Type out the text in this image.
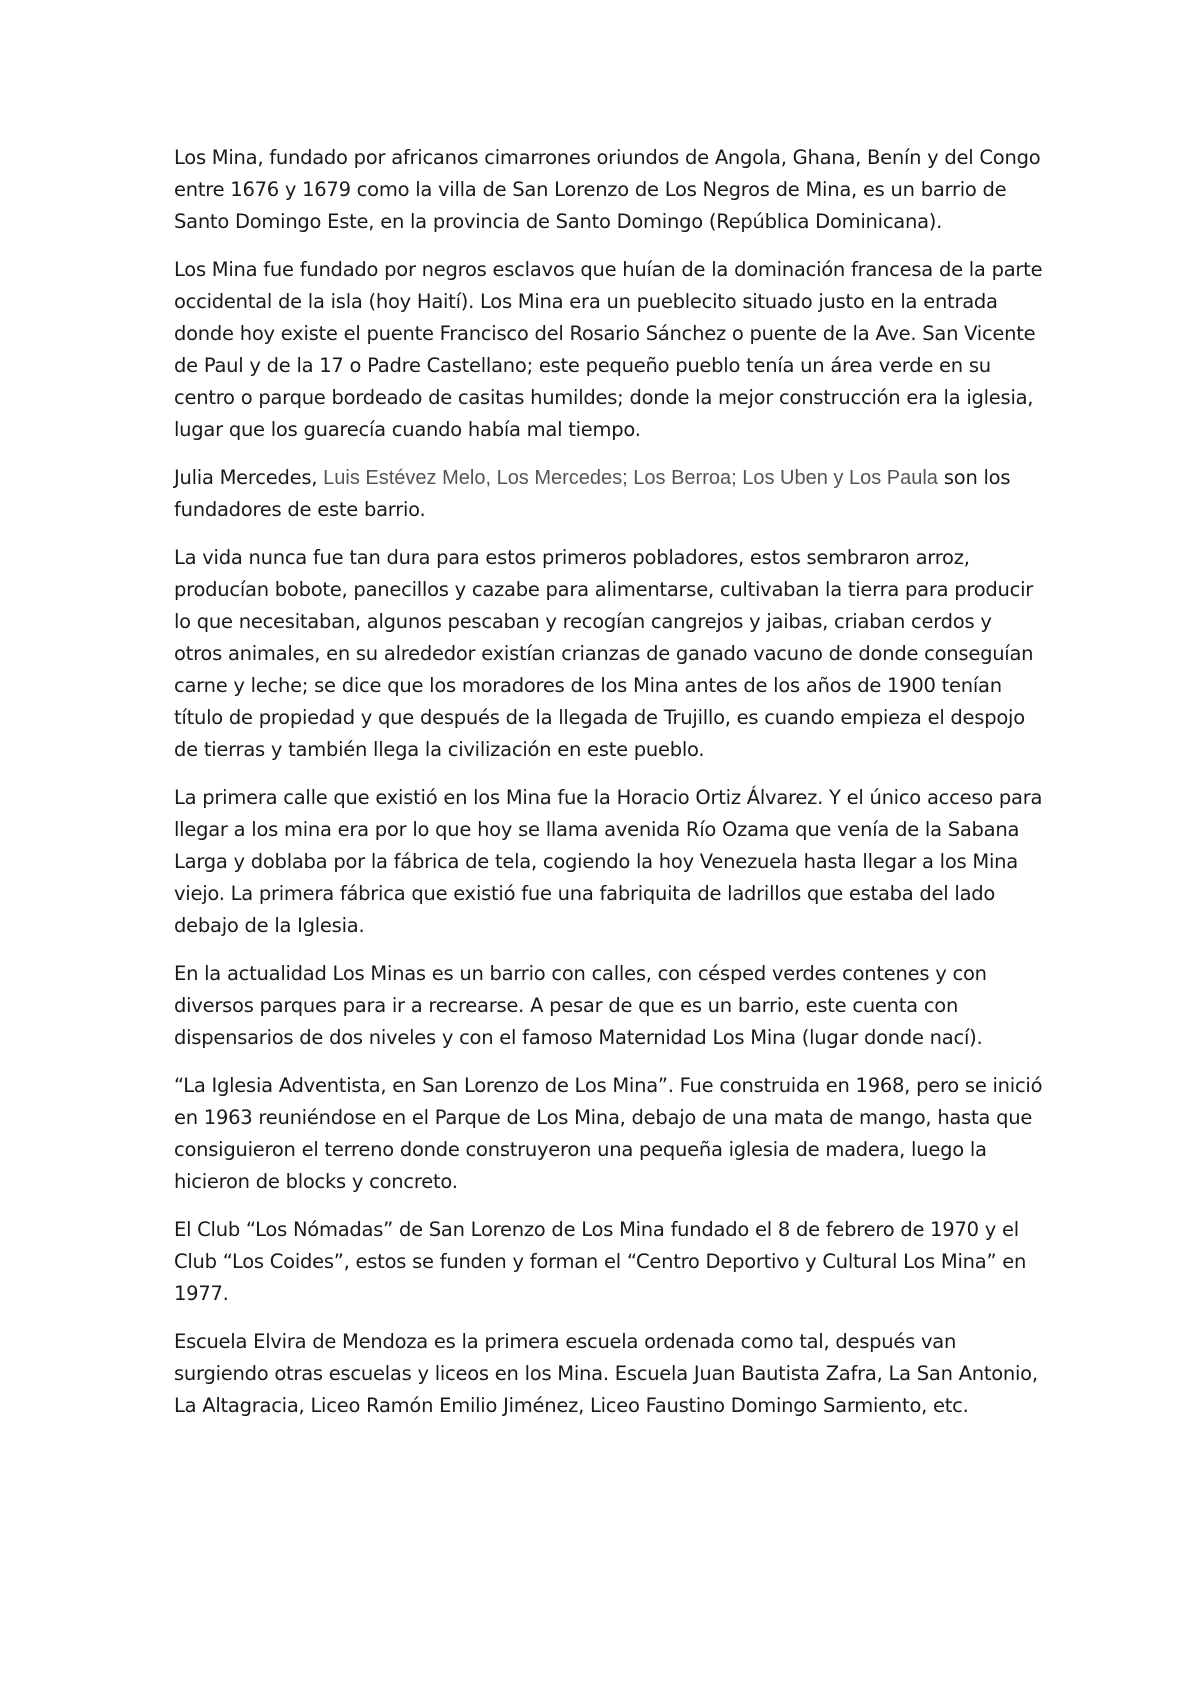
Los Mina, fundado por africanos cimarrones oriundos de Angola, Ghana, Benín y del Congo entre 1676 y 1679 como la villa de San Lorenzo de Los Negros de Mina, es un barrio de Santo Domingo Este, en la provincia de Santo Domingo (República Dominicana).

Los Mina fue fundado por negros esclavos que huían de la dominación francesa de la parte occidental de la isla (hoy Haití). Los Mina era un pueblecito situado justo en la entrada donde hoy existe el puente Francisco del Rosario Sánchez o puente de la Ave. San Vicente de Paul y de la 17 o Padre Castellano; este pequeño pueblo tenía un área verde en su centro o parque bordeado de casitas humildes; donde la mejor construcción era la iglesia, lugar que los guarecía cuando había mal tiempo.

Julia Mercedes, Luis Estévez Melo, Los Mercedes; Los Berroa; Los Uben y Los Paula son los fundadores de este barrio.

La vida nunca fue tan dura para estos primeros pobladores, estos sembraron arroz, producían bobote, panecillos y cazabe para alimentarse, cultivaban la tierra para producir lo que necesitaban, algunos pescaban y recogían cangrejos y jaibas, criaban cerdos y otros animales, en su alrededor existían crianzas de ganado vacuno de donde conseguían carne y leche; se dice que los moradores de los Mina antes de los años de 1900 tenían título de propiedad y que después de la llegada de Trujillo, es cuando empieza el despojo de tierras y también llega la civilización en este pueblo.

La primera calle que existió en los Mina fue la Horacio Ortiz Álvarez. Y el único acceso para llegar a los mina era por lo que hoy se llama avenida Río Ozama que venía de la Sabana Larga y doblaba por la fábrica de tela, cogiendo la hoy Venezuela hasta llegar a los Mina viejo. La primera fábrica que existió fue una fabriquita de ladrillos que estaba del lado debajo de la Iglesia.

En la actualidad Los Minas es un barrio con calles, con césped verdes contenes y con diversos parques para ir a recrearse. A pesar de que es un barrio, este cuenta con dispensarios de dos niveles y con el famoso Maternidad Los Mina (lugar donde nací).

“La Iglesia Adventista, en San Lorenzo de Los Mina”. Fue construida en 1968, pero se inició en 1963 reuniéndose en el Parque de Los Mina, debajo de una mata de mango, hasta que consiguieron el terreno donde construyeron una pequeña iglesia de madera, luego la hicieron de blocks y concreto.

El Club “Los Nómadas” de San Lorenzo de Los Mina fundado el 8 de febrero de 1970 y el Club “Los Coides”, estos se funden y forman el “Centro Deportivo y Cultural Los Mina” en 1977.

Escuela Elvira de Mendoza es la primera escuela ordenada como tal, después van surgiendo otras escuelas y liceos en los Mina. Escuela Juan Bautista Zafra, La San Antonio, La Altagracia, Liceo Ramón Emilio Jiménez, Liceo Faustino Domingo Sarmiento, etc.
